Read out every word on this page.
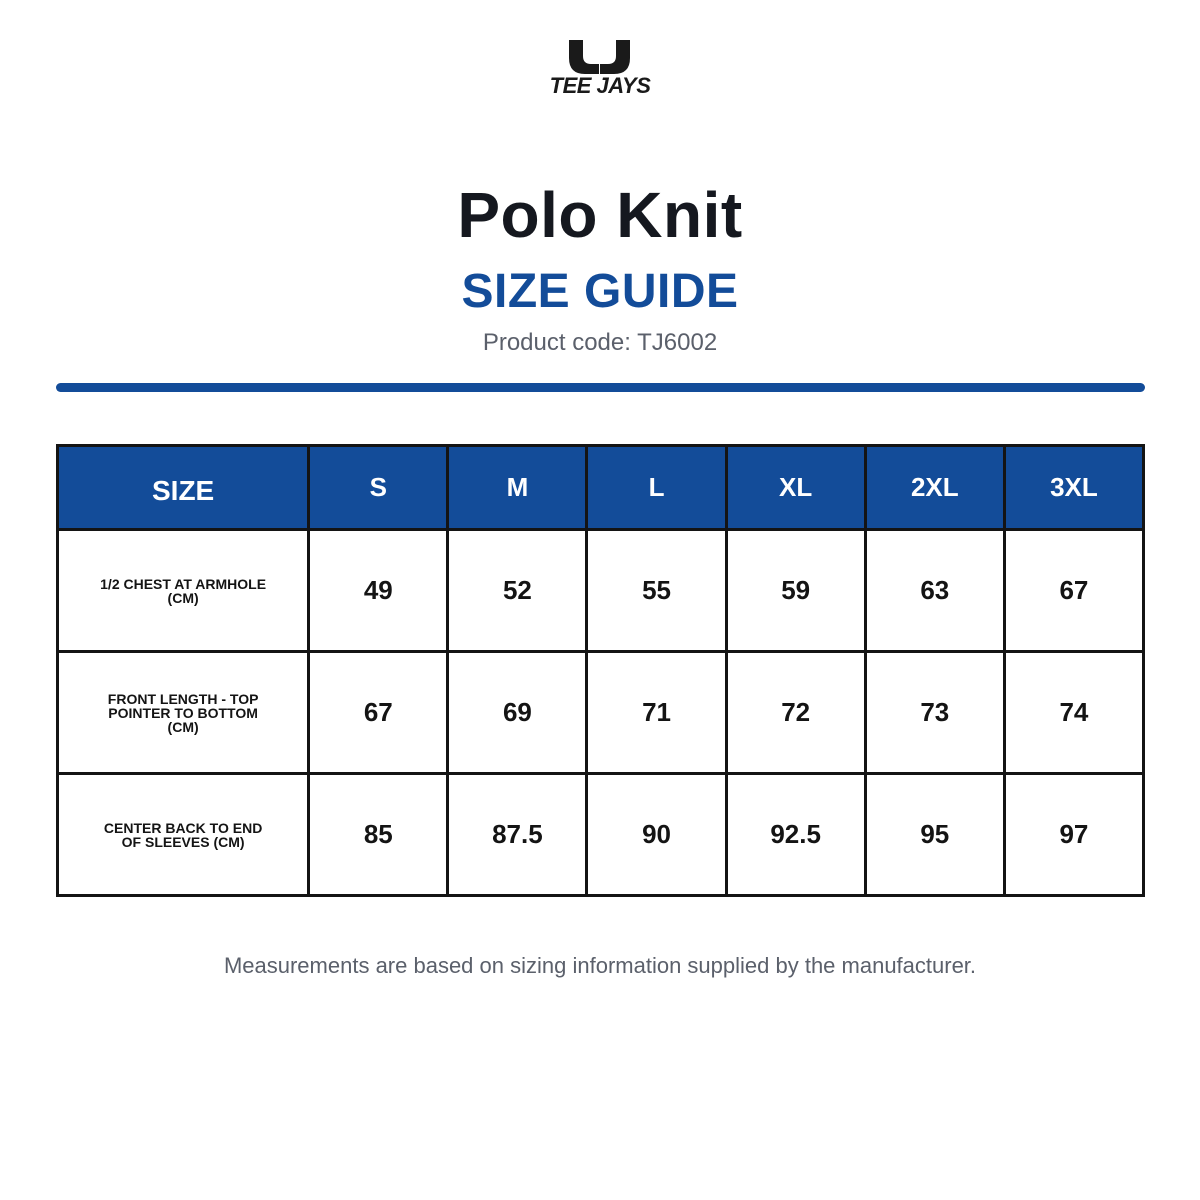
TEE JAYS
Polo Knit
SIZE GUIDE
Product code: TJ6002
SIZE	S	M	L	XL	2XL	3XL
1/2 CHEST AT ARMHOLE (CM)	49	52	55	59	63	67
FRONT LENGTH - TOP POINTER TO BOTTOM (CM)	67	69	71	72	73	74
CENTER BACK TO END OF SLEEVES (CM)	85	87.5	90	92.5	95	97
Measurements are based on sizing information supplied by the manufacturer.
